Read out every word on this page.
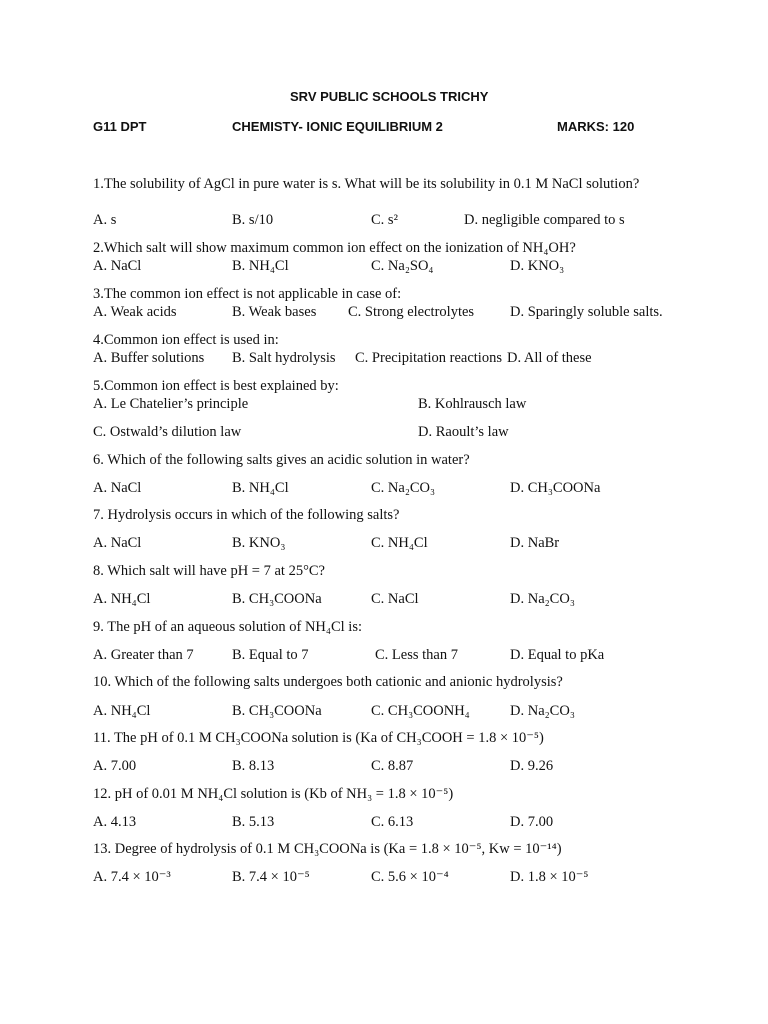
SRV PUBLIC SCHOOLS TRICHY
G11 DPT	CHEMISTY- IONIC EQUILIBRIUM 2	MARKS: 120
1.The solubility of AgCl in pure water is s. What will be its solubility in 0.1 M NaCl solution?
A. s	B. s/10	C. s²	D. negligible compared to s
2.Which salt will show maximum common ion effect on the ionization of NH₄OH?
A. NaCl	B. NH₄Cl	C. Na₂SO₄	D. KNO₃
3.The common ion effect is not applicable in case of:
A. Weak acids	B. Weak bases C. Strong electrolytes D. Sparingly soluble salts.
4.Common ion effect is used in:
A. Buffer solutions B. Salt hydrolysis C. Precipitation reactions D. All of these
5.Common ion effect is best explained by:
A. Le Chatelier’s principle	B. Kohlrausch law
C. Ostwald’s dilution law	D. Raoult’s law
6. Which of the following salts gives an acidic solution in water?
A. NaCl	B. NH₄Cl	C. Na₂CO₃	D. CH₃COONa
7. Hydrolysis occurs in which of the following salts?
A. NaCl	B. KNO₃	C. NH₄Cl	D. NaBr
8. Which salt will have pH = 7 at 25°C?
A. NH₄Cl	B. CH₃COONa	C. NaCl	D. Na₂CO₃
9. The pH of an aqueous solution of NH₄Cl is:
A. Greater than 7	B. Equal to 7	C. Less than 7	D. Equal to pKa
10. Which of the following salts undergoes both cationic and anionic hydrolysis?
A. NH₄Cl	B. CH₃COONa	C. CH₃COONH₄	D. Na₂CO₃
11. The pH of 0.1 M CH₃COONa solution is (Ka of CH₃COOH = 1.8 × 10⁻⁵)
A. 7.00	B. 8.13	C. 8.87	D. 9.26
12. pH of 0.01 M NH₄Cl solution is (Kb of NH₃ = 1.8 × 10⁻⁵)
A. 4.13	B. 5.13	C. 6.13	D. 7.00
13. Degree of hydrolysis of 0.1 M CH₃COONa is (Ka = 1.8 × 10⁻⁵, Kw = 10⁻¹⁴)
A. 7.4 × 10⁻³	B. 7.4 × 10⁻⁵	C. 5.6 × 10⁻⁴	D. 1.8 × 10⁻⁵
